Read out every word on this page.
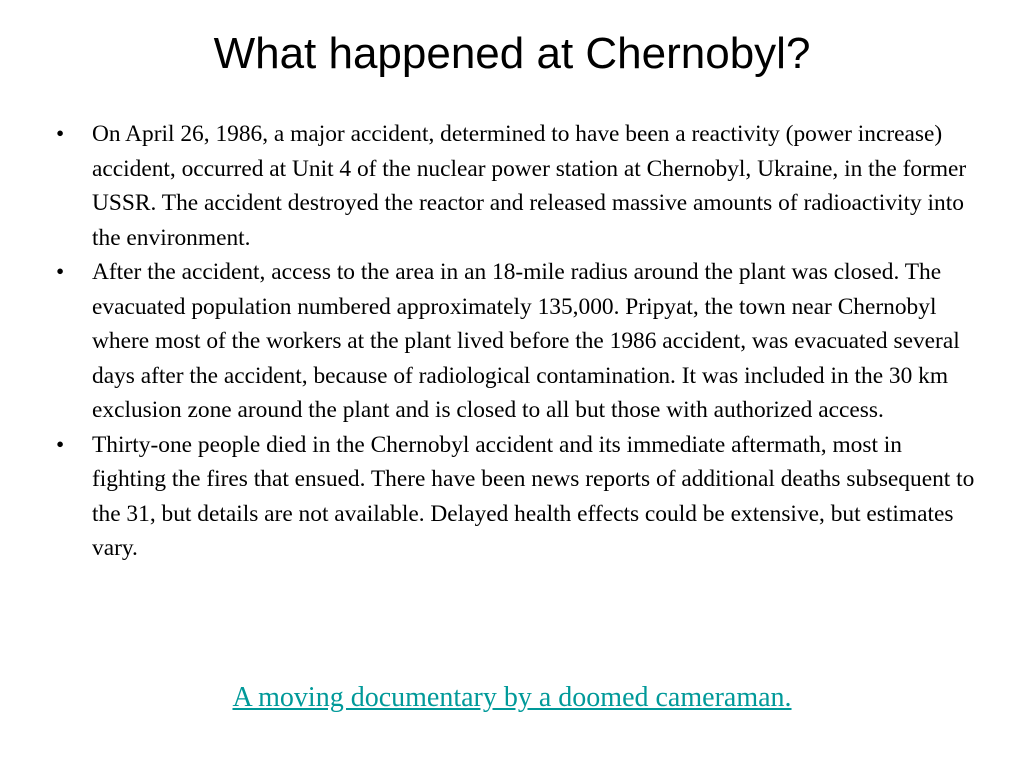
What happened at Chernobyl?
•	On April 26, 1986, a major accident, determined to have been a reactivity (power increase) accident, occurred at Unit 4 of the nuclear power station at Chernobyl, Ukraine, in the former USSR. The accident destroyed the reactor and released massive amounts of radioactivity into the environment.
•	After the accident, access to the area in an 18-mile radius around the plant was closed. The evacuated population numbered approximately 135,000. Pripyat, the town near Chernobyl where most of the workers at the plant lived before the 1986 accident, was evacuated several days after the accident, because of radiological contamination. It was included in the 30 km exclusion zone around the plant and is closed to all but those with authorized access.
•	Thirty-one people died in the Chernobyl accident and its immediate aftermath, most in fighting the fires that ensued. There have been news reports of additional deaths subsequent to the 31, but details are not available. Delayed health effects could be extensive, but estimates vary.
A moving documentary by a doomed cameraman.
